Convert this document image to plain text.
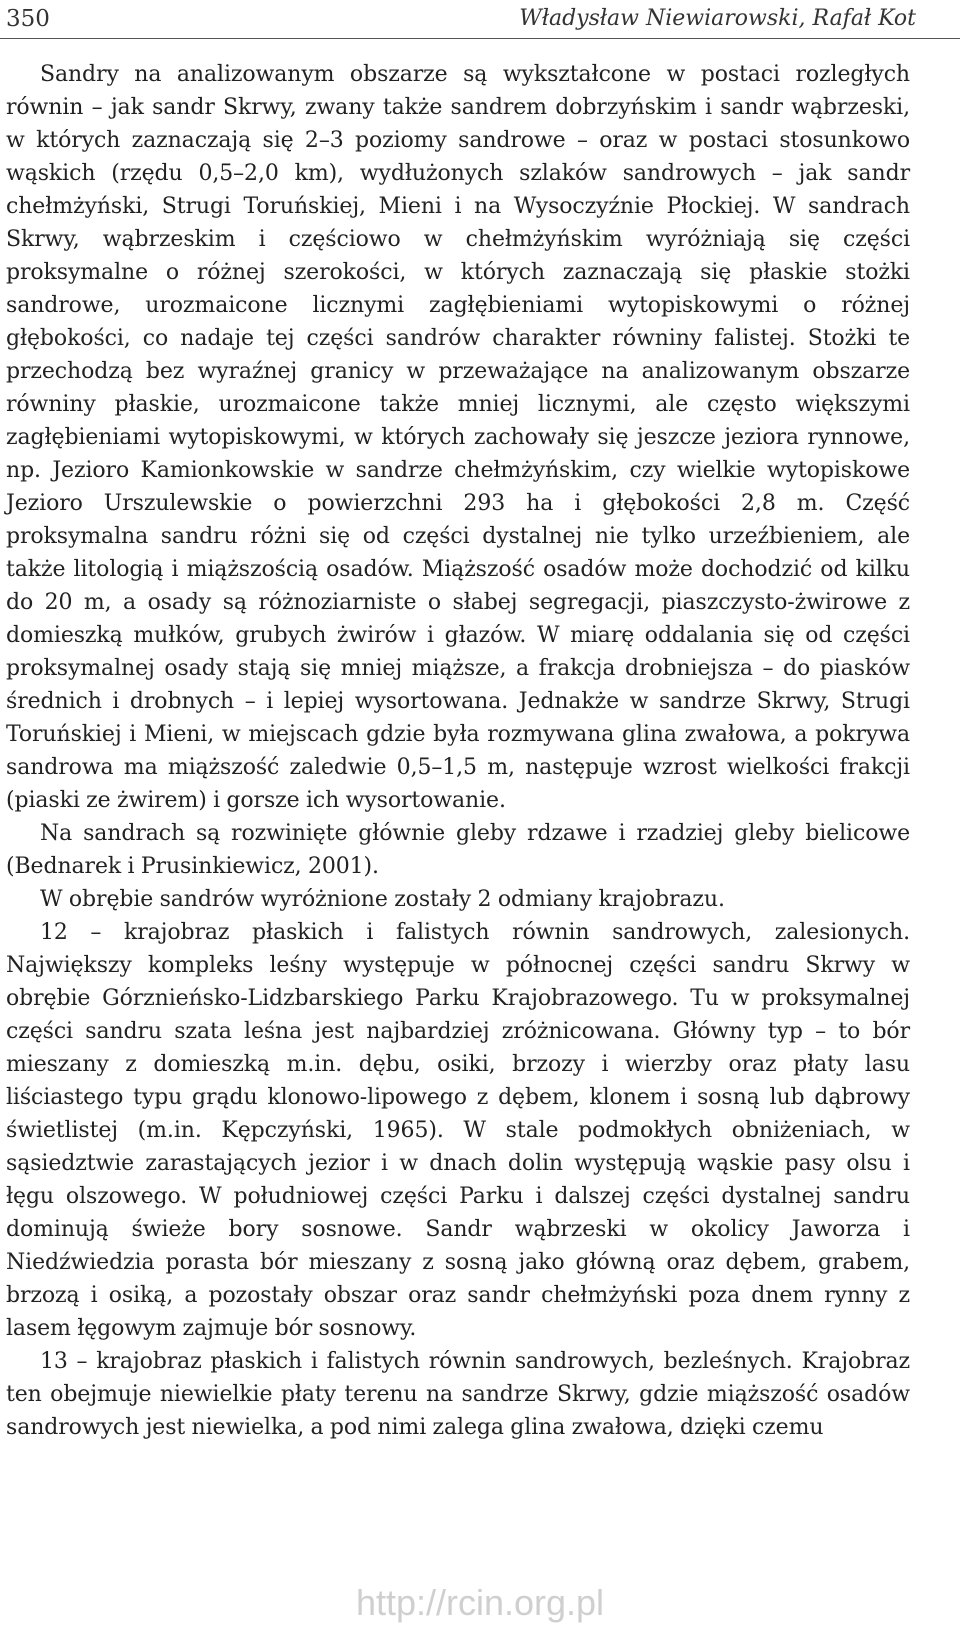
350	Władysław Niewiarowski, Rafał Kot

Sandry na analizowanym obszarze są wykształcone w postaci rozległych równin – jak sandr Skrwy, zwany także sandrem dobrzyńskim i sandr wąbrzeski, w których zaznaczają się 2–3 poziomy sandrowe – oraz w postaci stosunkowo wąskich (rzędu 0,5–2,0 km), wydłużonych szlaków sandrowych – jak sandr chełmżyński, Strugi Toruńskiej, Mieni i na Wysoczyźnie Płockiej. W sandrach Skrwy, wąbrzeskim i częściowo w chełmżyńskim wyróżniają się części proksymalne o różnej szerokości, w których zaznaczają się płaskie stożki sandrowe, urozmaicone licznymi zagłębieniami wytopiskowymi o różnej głębokości, co nadaje tej części sandrów charakter równiny falistej. Stożki te przechodzą bez wyraźnej granicy w przeważające na analizowanym obszarze równiny płaskie, urozmaicone także mniej licznymi, ale często większymi zagłębieniami wytopiskowymi, w których zachowały się jeszcze jeziora rynnowe, np. Jezioro Kamionkowskie w sandrze chełmżyńskim, czy wielkie wytopiskowe Jezioro Urszulewskie o powierzchni 293 ha i głębokości 2,8 m. Część proksymalna sandru różni się od części dystalnej nie tylko urzeźbieniem, ale także litologią i miąższością osadów. Miąższość osadów może dochodzić od kilku do 20 m, a osady są różnoziarniste o słabej segregacji, piaszczysto-żwirowe z domieszką mułków, grubych żwirów i głazów. W miarę oddalania się od części proksymalnej osady stają się mniej miąższe, a frakcja drobniejsza – do piasków średnich i drobnych – i lepiej wysortowana. Jednakże w sandrze Skrwy, Strugi Toruńskiej i Mieni, w miejscach gdzie była rozmywana glina zwałowa, a pokrywa sandrowa ma miąższość zaledwie 0,5–1,5 m, następuje wzrost wielkości frakcji (piaski ze żwirem) i gorsze ich wysortowanie.

Na sandrach są rozwinięte głównie gleby rdzawe i rzadziej gleby bielicowe (Bednarek i Prusinkiewicz, 2001).

W obrębie sandrów wyróżnione zostały 2 odmiany krajobrazu.

12 – krajobraz płaskich i falistych równin sandrowych, zalesionych. Największy kompleks leśny występuje w północnej części sandru Skrwy w obrębie Górznieńsko-Lidzbarskiego Parku Krajobrazowego. Tu w proksymalnej części sandru szata leśna jest najbardziej zróżnicowana. Główny typ – to bór mieszany z domieszką m.in. dębu, osiki, brzozy i wierzby oraz płaty lasu liściastego typu grądu klonowo-lipowego z dębem, klonem i sosną lub dąbrowy świetlistej (m.in. Kępczyński, 1965). W stale podmokłych obniżeniach, w sąsiedztwie zarastających jezior i w dnach dolin występują wąskie pasy olsu i łęgu olszowego. W południowej części Parku i dalszej części dystalnej sandru dominują świeże bory sosnowe. Sandr wąbrzeski w okolicy Jaworza i Niedźwiedzia porasta bór mieszany z sosną jako główną oraz dębem, grabem, brzozą i osiką, a pozostały obszar oraz sandr chełmżyński poza dnem rynny z lasem łęgowym zajmuje bór sosnowy.

13 – krajobraz płaskich i falistych równin sandrowych, bezleśnych. Krajobraz ten obejmuje niewielkie płaty terenu na sandrze Skrwy, gdzie miąższość osadów sandrowych jest niewielka, a pod nimi zalega glina zwałowa, dzięki czemu

http://rcin.org.pl
